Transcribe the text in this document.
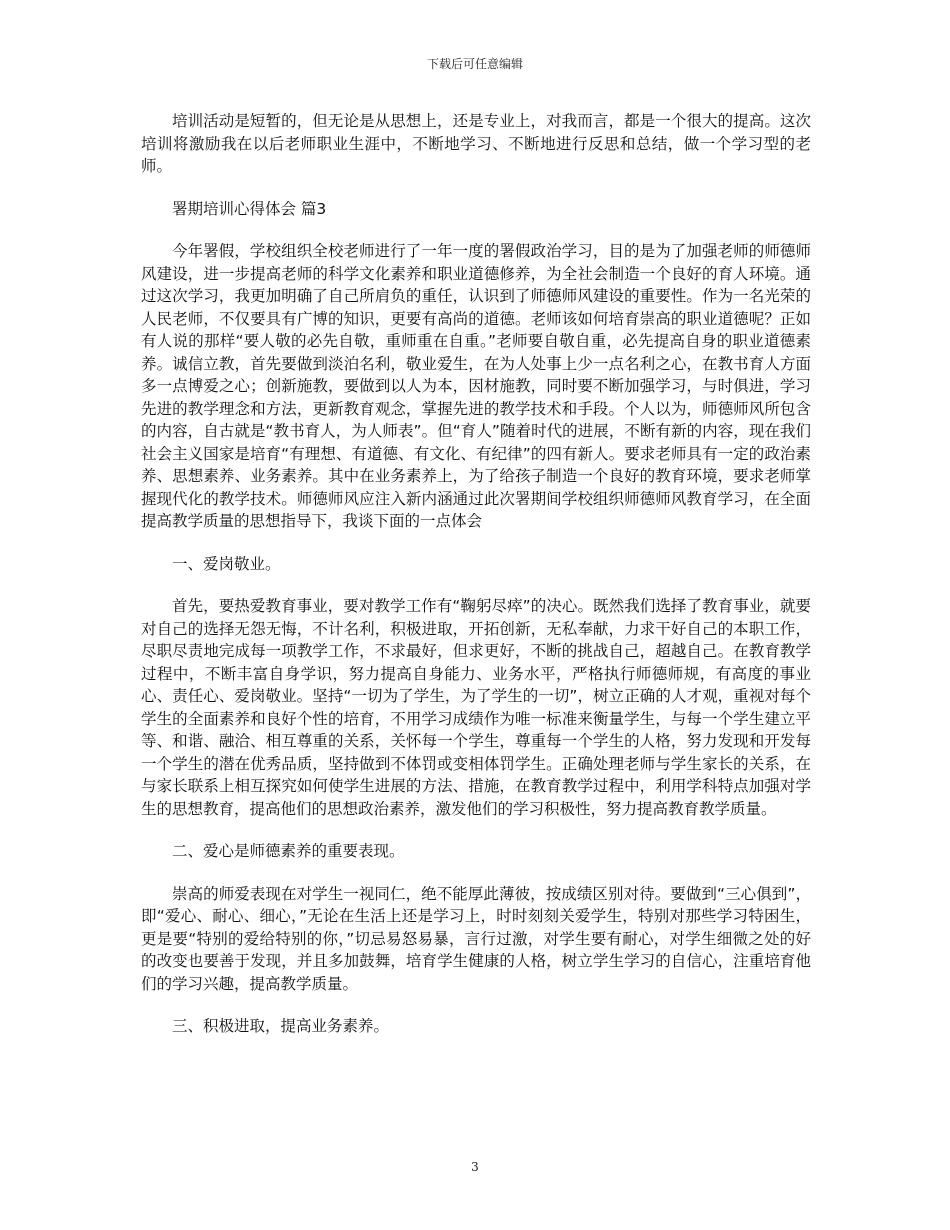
下载后可任意编辑

培训活动是短暂的，但无论是从思想上，还是专业上，对我而言，都是一个很大的提高。这次培训将激励我在以后老师职业生涯中，不断地学习、不断地进行反思和总结，做一个学习型的老师。

署期培训心得体会 篇3

今年署假，学校组织全校老师进行了一年一度的署假政治学习，目的是为了加强老师的师德师风建设，进一步提高老师的科学文化素养和职业道德修养，为全社会制造一个良好的育人环境。通过这次学习，我更加明确了自己所肩负的重任，认识到了师德师风建设的重要性。作为一名光荣的人民老师，不仅要具有广博的知识，更要有高尚的道德。老师该如何培育崇高的职业道德呢？正如有人说的那样“要人敬的必先自敬，重师重在自重。”老师要自敬自重，必先提高自身的职业道德素养。诚信立教，首先要做到淡泊名利，敬业爱生，在为人处事上少一点名利之心，在教书育人方面多一点博爱之心；创新施教，要做到以人为本，因材施教，同时要不断加强学习，与时俱进，学习先进的教学理念和方法，更新教育观念，掌握先进的教学技术和手段。个人以为，师德师风所包含的内容，自古就是“教书育人，为人师表”。但“育人”随着时代的进展，不断有新的内容，现在我们社会主义国家是培育“有理想、有道德、有文化、有纪律”的四有新人。要求老师具有一定的政治素养、思想素养、业务素养。其中在业务素养上，为了给孩子制造一个良好的教育环境，要求老师掌握现代化的教学技术。师德师风应注入新内涵通过此次署期间学校组织师德师风教育学习，在全面提高教学质量的思想指导下，我谈下面的一点体会

一、爱岗敬业。

首先，要热爱教育事业，要对教学工作有“鞠躬尽瘁”的决心。既然我们选择了教育事业，就要对自己的选择无怨无悔，不计名利，积极进取，开拓创新，无私奉献，力求干好自己的本职工作，尽职尽责地完成每一项教学工作，不求最好，但求更好，不断的挑战自己，超越自己。在教育教学过程中，不断丰富自身学识，努力提高自身能力、业务水平，严格执行师德师规，有高度的事业心、责任心、爱岗敬业。坚持“一切为了学生，为了学生的一切”，树立正确的人才观，重视对每个学生的全面素养和良好个性的培育，不用学习成绩作为唯一标准来衡量学生，与每一个学生建立平等、和谐、融洽、相互尊重的关系，关怀每一个学生，尊重每一个学生的人格，努力发现和开发每一个学生的潜在优秀品质，坚持做到不体罚或变相体罚学生。正确处理老师与学生家长的关系，在与家长联系上相互探究如何使学生进展的方法、措施，在教育教学过程中，利用学科特点加强对学生的思想教育，提高他们的思想政治素养，激发他们的学习积极性，努力提高教育教学质量。

二、爱心是师德素养的重要表现。

崇高的师爱表现在对学生一视同仁，绝不能厚此薄彼，按成绩区别对待。要做到“三心俱到”，即“爱心、耐心、细心，”无论在生活上还是学习上，时时刻刻关爱学生，特别对那些学习特困生，更是要“特别的爱给特别的你，”切忌易怒易暴，言行过激，对学生要有耐心，对学生细微之处的好的改变也要善于发现，并且多加鼓舞，培育学生健康的人格，树立学生学习的自信心，注重培育他们的学习兴趣，提高教学质量。

三、积极进取，提高业务素养。

3
